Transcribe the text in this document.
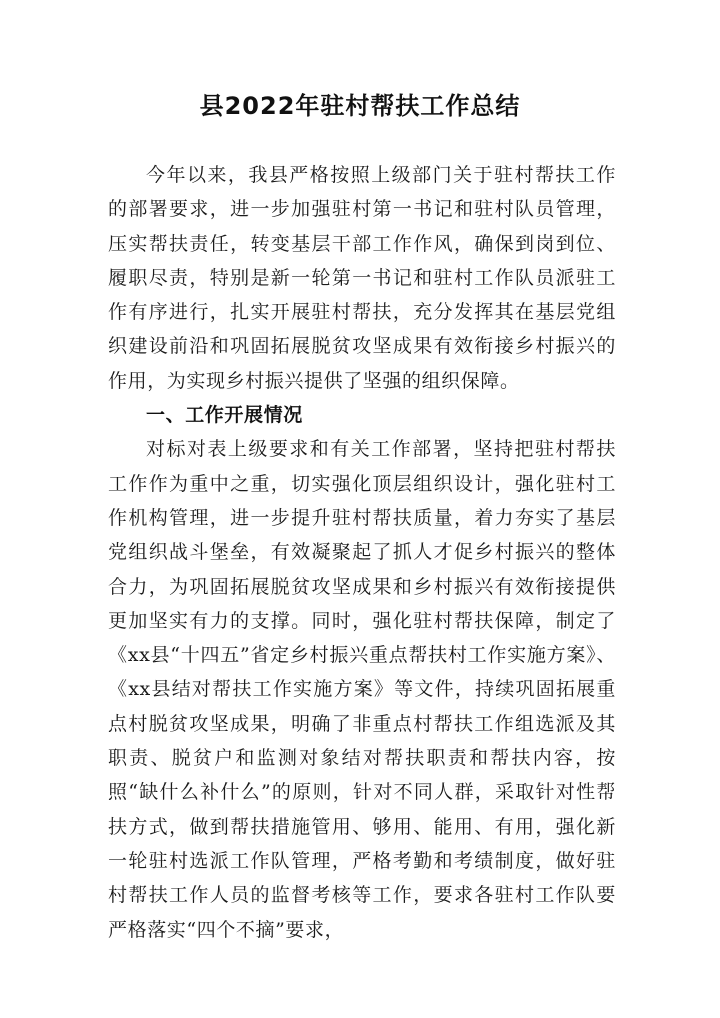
县2022年驻村帮扶工作总结

今年以来，我县严格按照上级部门关于驻村帮扶工作的部署要求，进一步加强驻村第一书记和驻村队员管理，压实帮扶责任，转变基层干部工作作风，确保到岗到位、履职尽责，特别是新一轮第一书记和驻村工作队员派驻工作有序进行，扎实开展驻村帮扶，充分发挥其在基层党组织建设前沿和巩固拓展脱贫攻坚成果有效衔接乡村振兴的作用，为实现乡村振兴提供了坚强的组织保障。

一、工作开展情况

对标对表上级要求和有关工作部署，坚持把驻村帮扶工作作为重中之重，切实强化顶层组织设计，强化驻村工作机构管理，进一步提升驻村帮扶质量，着力夯实了基层党组织战斗堡垒，有效凝聚起了抓人才促乡村振兴的整体合力，为巩固拓展脱贫攻坚成果和乡村振兴有效衔接提供更加坚实有力的支撑。同时，强化驻村帮扶保障，制定了《xx县“十四五”省定乡村振兴重点帮扶村工作实施方案》、《xx县结对帮扶工作实施方案》等文件，持续巩固拓展重点村脱贫攻坚成果，明确了非重点村帮扶工作组选派及其职责、脱贫户和监测对象结对帮扶职责和帮扶内容，按照“缺什么补什么”的原则，针对不同人群，采取针对性帮扶方式，做到帮扶措施管用、够用、能用、有用，强化新一轮驻村选派工作队管理，严格考勤和考绩制度，做好驻村帮扶工作人员的监督考核等工作，要求各驻村工作队要严格落实“四个不摘”要求，
